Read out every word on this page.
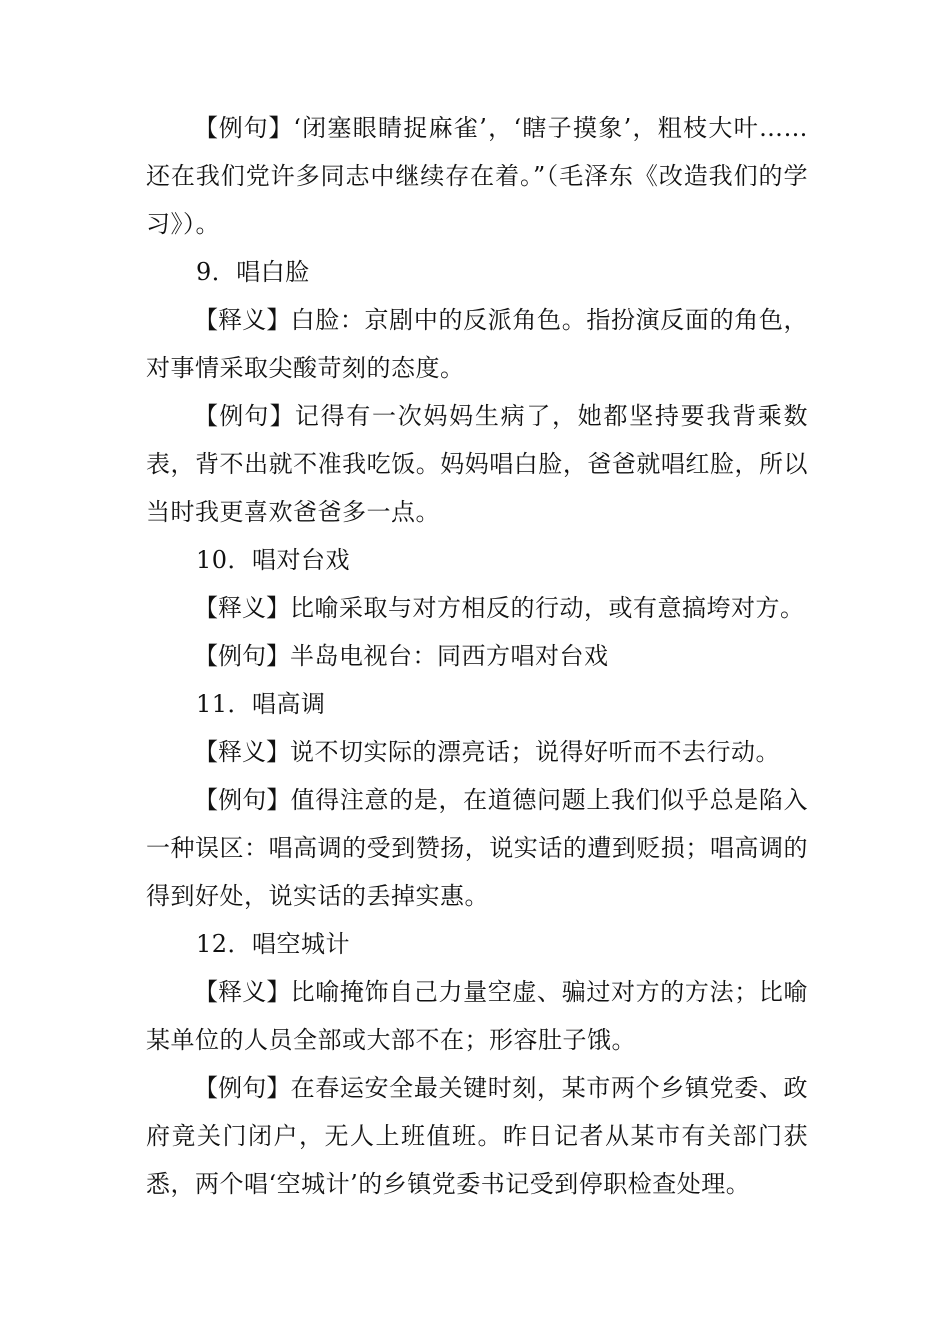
【例句】‘闭塞眼睛捉麻雀’，‘瞎子摸象’，粗枝大叶……还在我们党许多同志中继续存在着。”（毛泽东《改造我们的学习》）。

9．唱白脸

【释义】白脸：京剧中的反派角色。指扮演反面的角色，对事情采取尖酸苛刻的态度。

【例句】记得有一次妈妈生病了，她都坚持要我背乘数表，背不出就不准我吃饭。妈妈唱白脸，爸爸就唱红脸，所以当时我更喜欢爸爸多一点。

10．唱对台戏

【释义】比喻采取与对方相反的行动，或有意搞垮对方。

【例句】半岛电视台：同西方唱对台戏

11．唱高调

【释义】说不切实际的漂亮话；说得好听而不去行动。

【例句】值得注意的是，在道德问题上我们似乎总是陷入一种误区：唱高调的受到赞扬，说实话的遭到贬损；唱高调的得到好处，说实话的丢掉实惠。

12．唱空城计

【释义】比喻掩饰自己力量空虚、骗过对方的方法；比喻某单位的人员全部或大部不在；形容肚子饿。

【例句】在春运安全最关键时刻，某市两个乡镇党委、政府竟关门闭户，无人上班值班。昨日记者从某市有关部门获悉，两个唱‘空城计’的乡镇党委书记受到停职检查处理。
